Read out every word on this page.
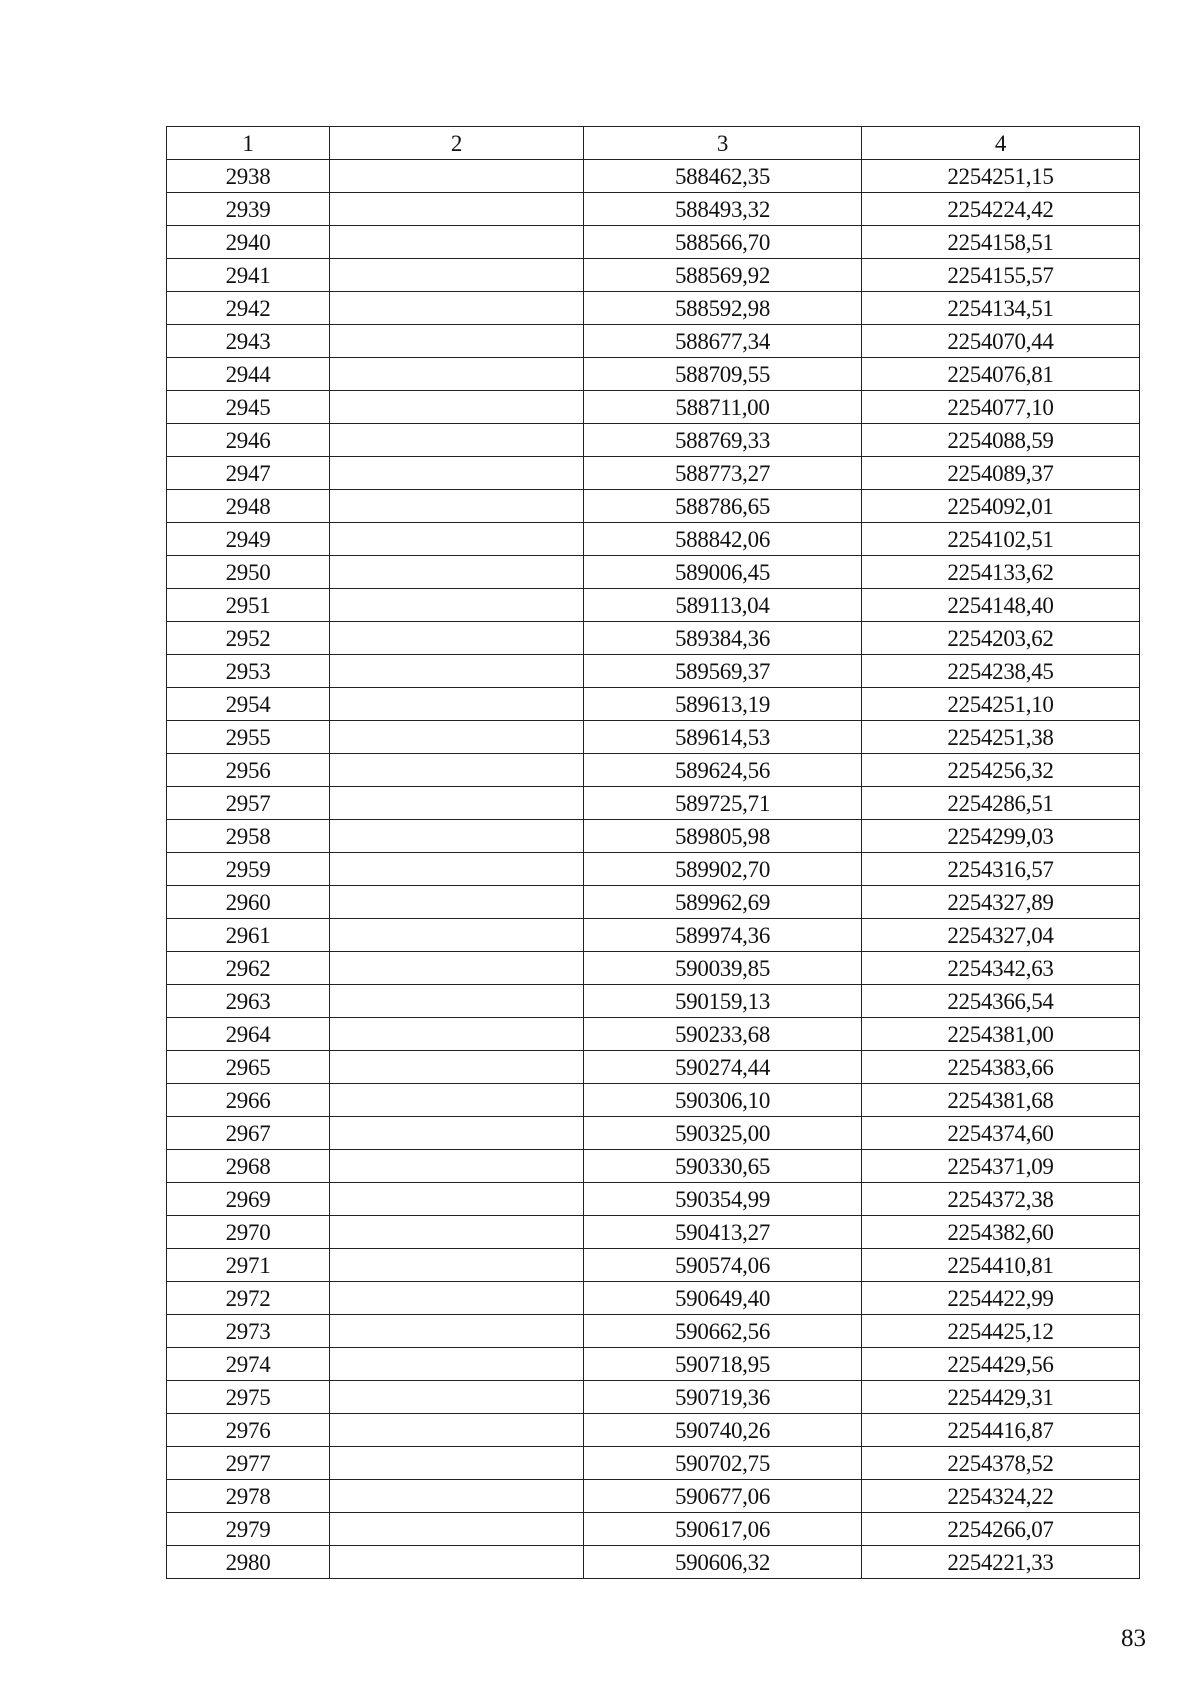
1	2	3	4
2938		588462,35	2254251,15
2939		588493,32	2254224,42
2940		588566,70	2254158,51
2941		588569,92	2254155,57
2942		588592,98	2254134,51
2943		588677,34	2254070,44
2944		588709,55	2254076,81
2945		588711,00	2254077,10
2946		588769,33	2254088,59
2947		588773,27	2254089,37
2948		588786,65	2254092,01
2949		588842,06	2254102,51
2950		589006,45	2254133,62
2951		589113,04	2254148,40
2952		589384,36	2254203,62
2953		589569,37	2254238,45
2954		589613,19	2254251,10
2955		589614,53	2254251,38
2956		589624,56	2254256,32
2957		589725,71	2254286,51
2958		589805,98	2254299,03
2959		589902,70	2254316,57
2960		589962,69	2254327,89
2961		589974,36	2254327,04
2962		590039,85	2254342,63
2963		590159,13	2254366,54
2964		590233,68	2254381,00
2965		590274,44	2254383,66
2966		590306,10	2254381,68
2967		590325,00	2254374,60
2968		590330,65	2254371,09
2969		590354,99	2254372,38
2970		590413,27	2254382,60
2971		590574,06	2254410,81
2972		590649,40	2254422,99
2973		590662,56	2254425,12
2974		590718,95	2254429,56
2975		590719,36	2254429,31
2976		590740,26	2254416,87
2977		590702,75	2254378,52
2978		590677,06	2254324,22
2979		590617,06	2254266,07
2980		590606,32	2254221,33
83
